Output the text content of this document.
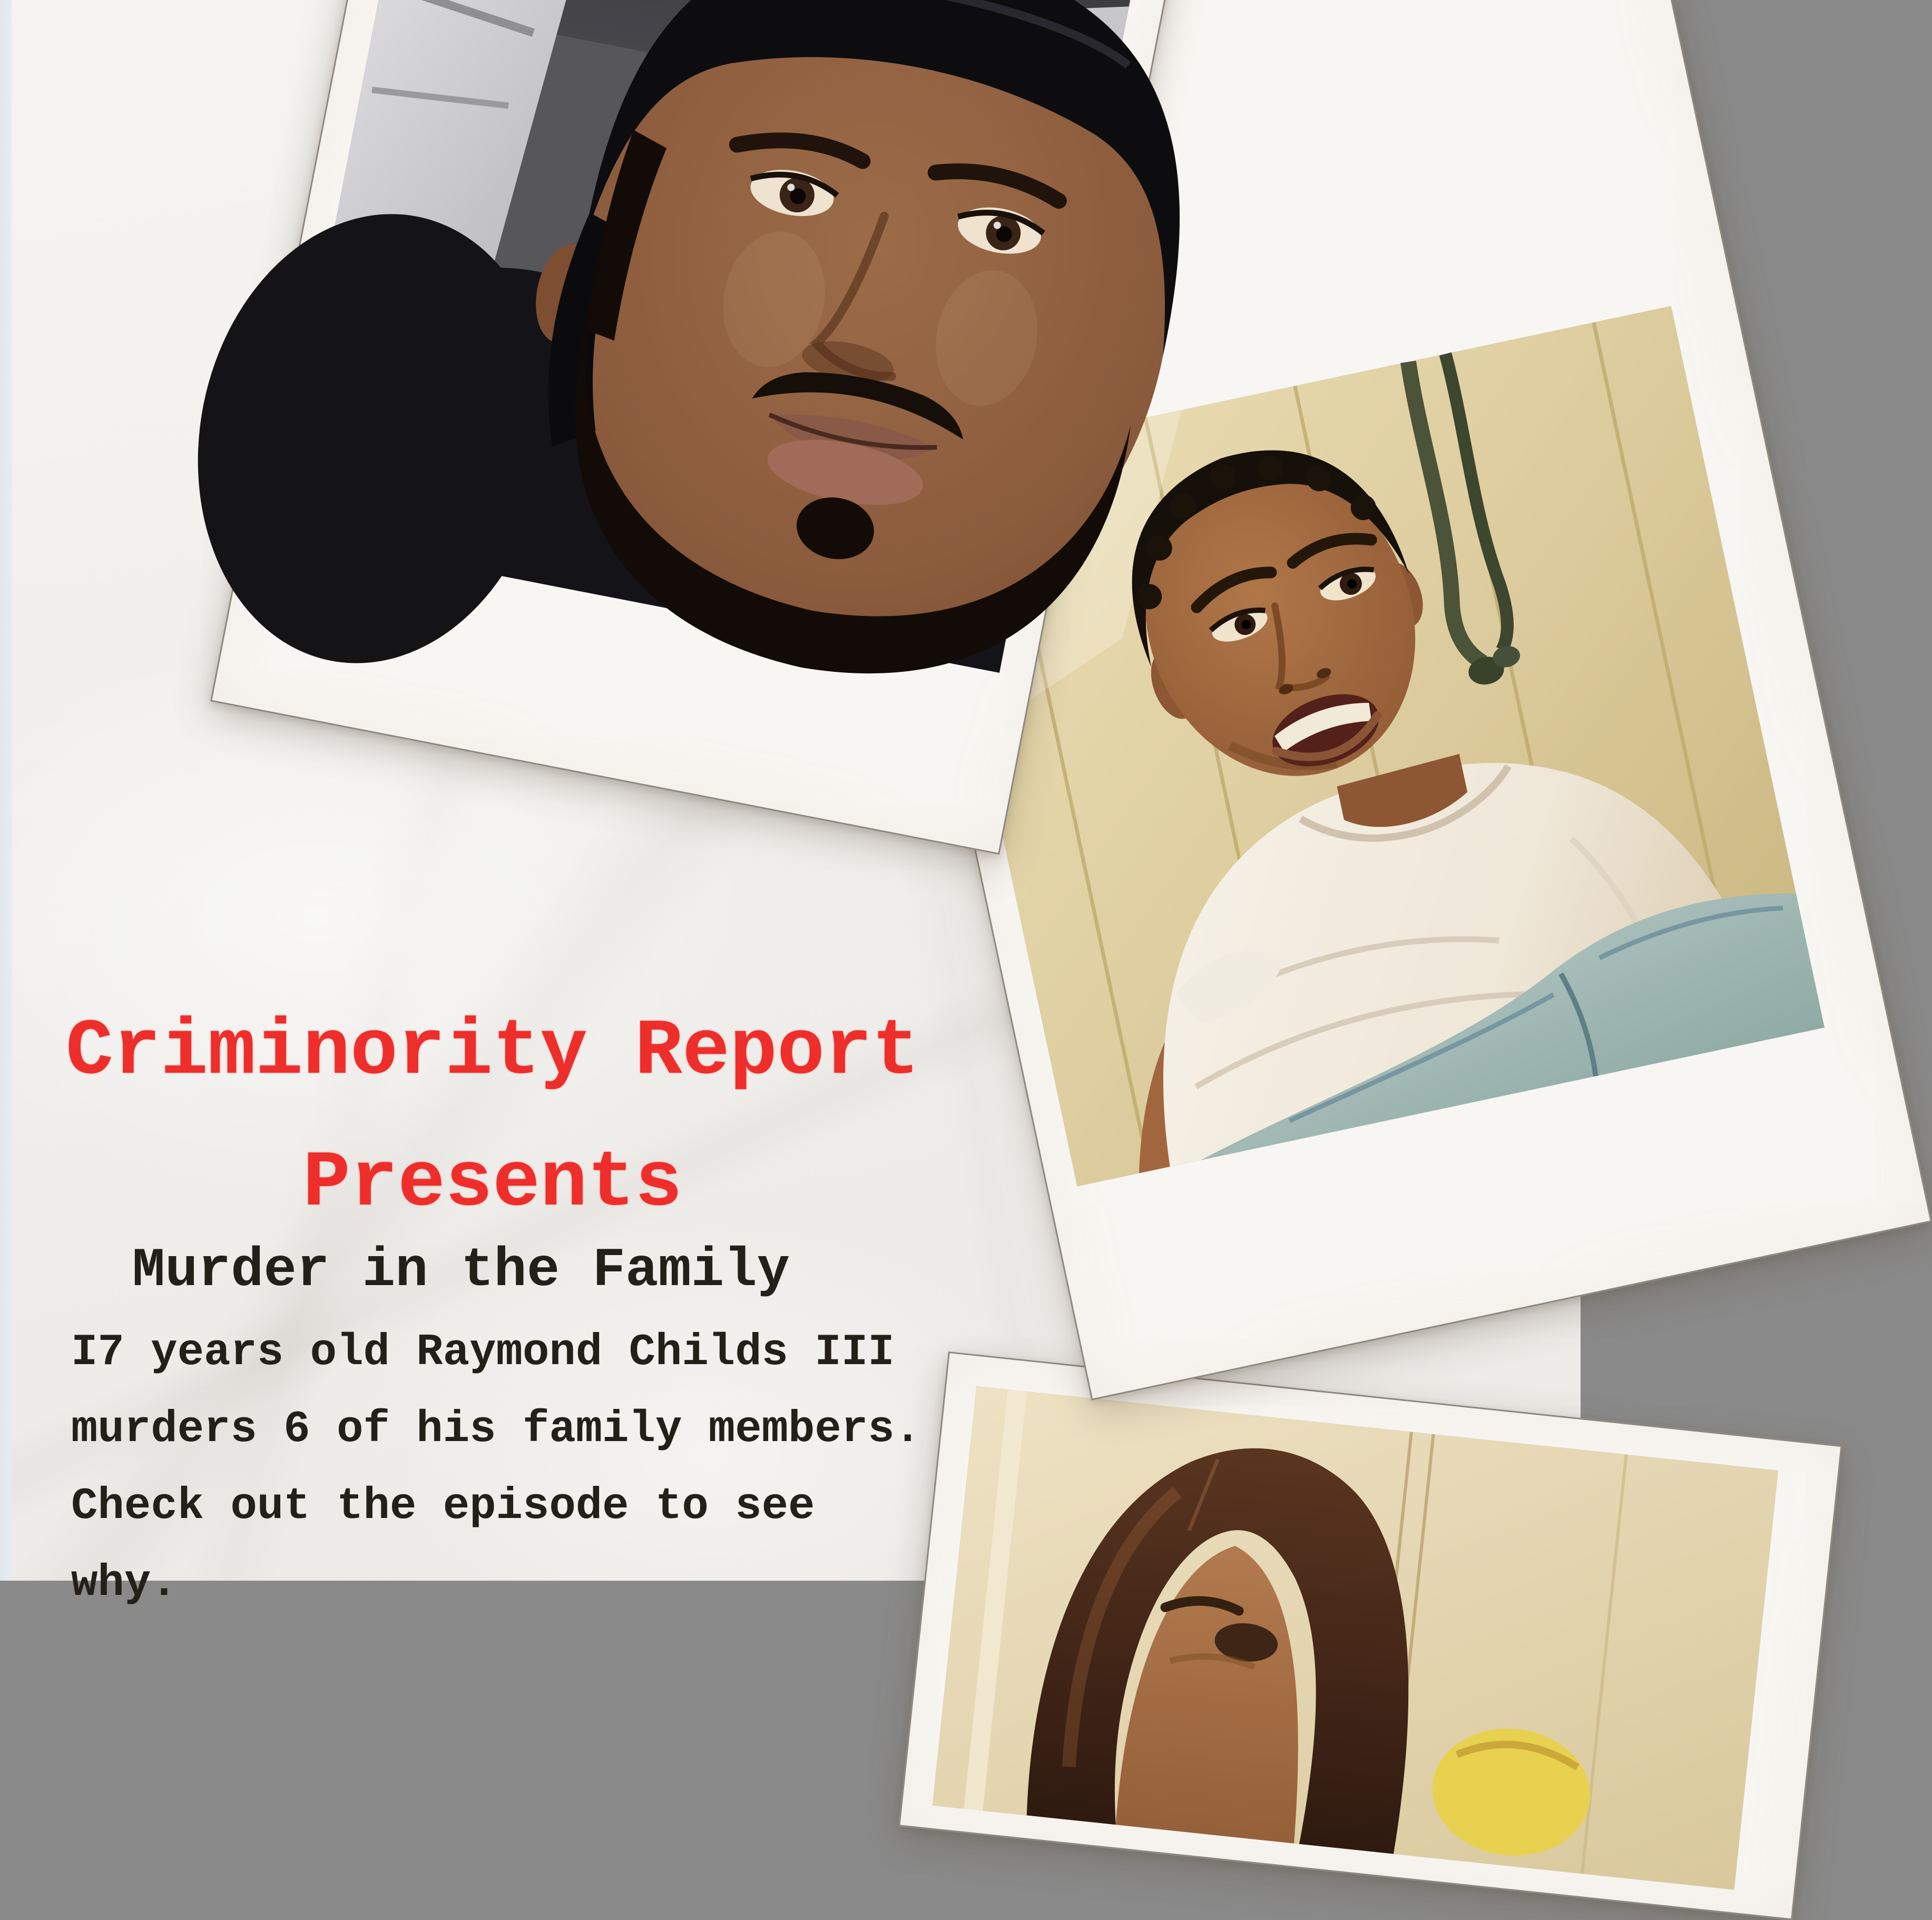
Criminority Report
Presents
Murder in the Family
I7 years old Raymond Childs III
murders 6 of his family members.
Check out the episode to see
why.
